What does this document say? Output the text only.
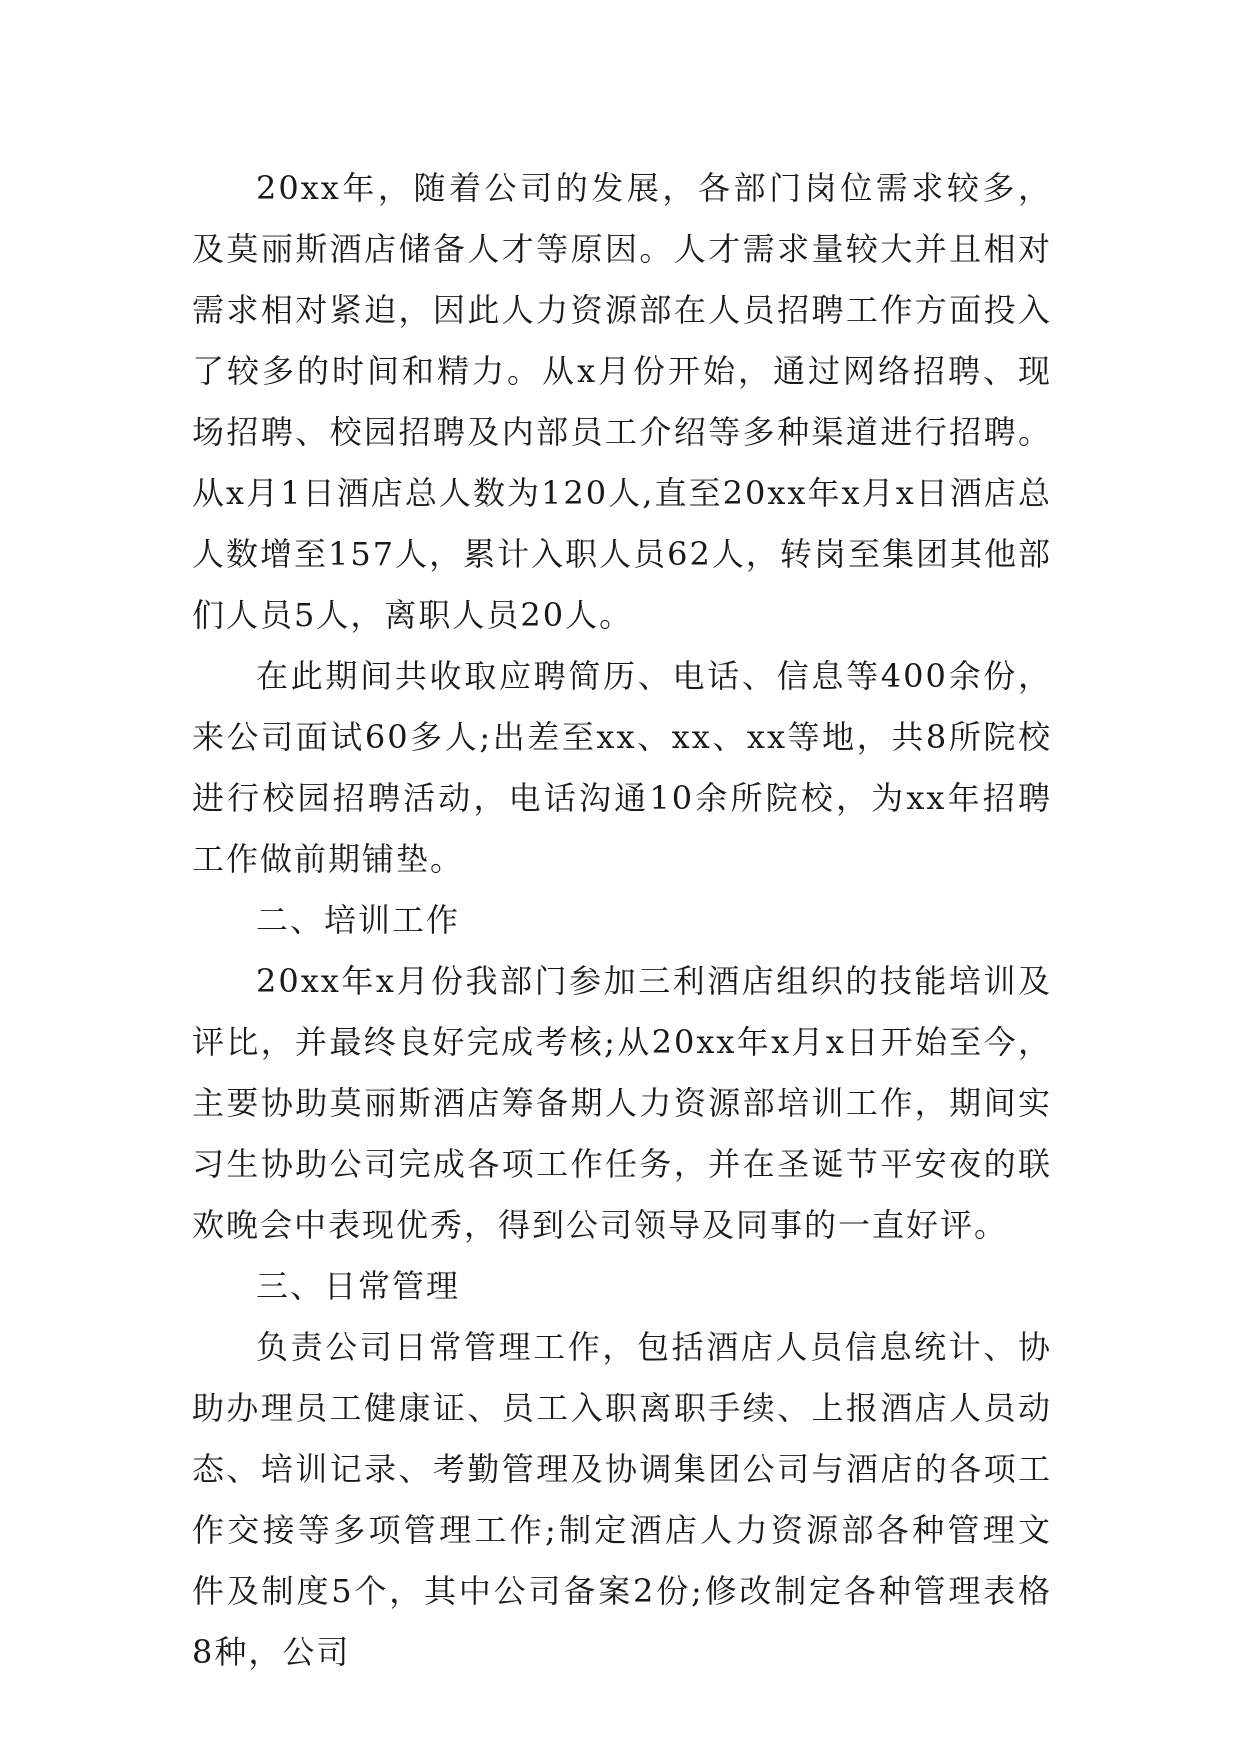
20xx年，随着公司的发展，各部门岗位需求较多，及莫丽斯酒店储备人才等原因。人才需求量较大并且相对需求相对紧迫，因此人力资源部在人员招聘工作方面投入了较多的时间和精力。从x月份开始，通过网络招聘、现场招聘、校园招聘及内部员工介绍等多种渠道进行招聘。从x月1日酒店总人数为120人,直至20xx年x月x日酒店总人数增至157人，累计入职人员62人，转岗至集团其他部们人员5人，离职人员20人。

在此期间共收取应聘简历、电话、信息等400余份，来公司面试60多人;出差至xx、xx、xx等地，共8所院校进行校园招聘活动，电话沟通10余所院校，为xx年招聘工作做前期铺垫。

二、培训工作

20xx年x月份我部门参加三利酒店组织的技能培训及评比，并最终良好完成考核;从20xx年x月x日开始至今，主要协助莫丽斯酒店筹备期人力资源部培训工作，期间实习生协助公司完成各项工作任务，并在圣诞节平安夜的联欢晚会中表现优秀，得到公司领导及同事的一直好评。

三、日常管理

负责公司日常管理工作，包括酒店人员信息统计、协助办理员工健康证、员工入职离职手续、上报酒店人员动态、培训记录、考勤管理及协调集团公司与酒店的各项工作交接等多项管理工作;制定酒店人力资源部各种管理文件及制度5个，其中公司备案2份;修改制定各种管理表格8种，公司
